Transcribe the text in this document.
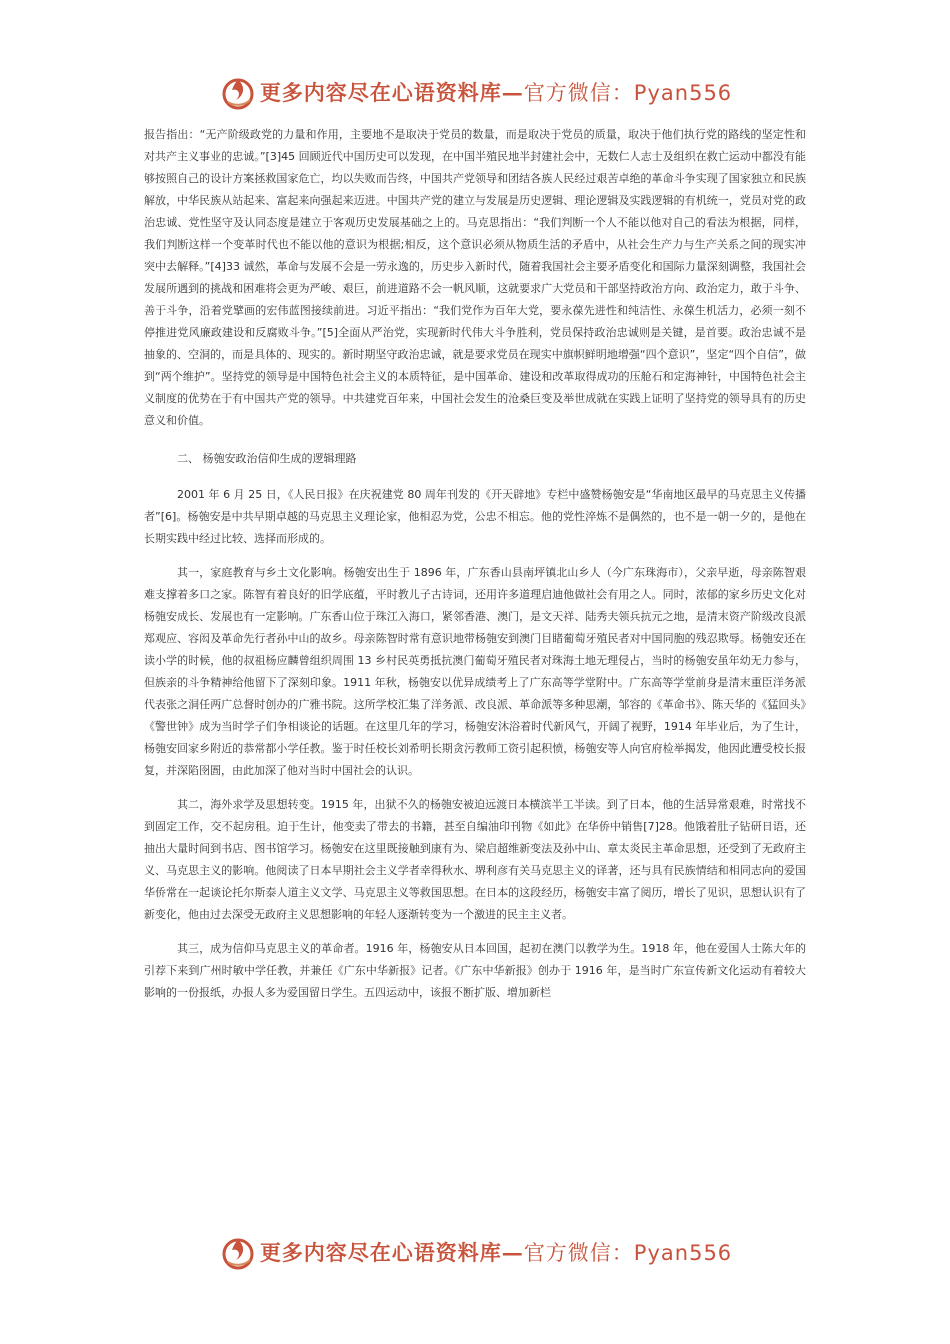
更多内容尽在心语资料库—官方微信：Pyan556

报告指出：“无产阶级政党的力量和作用，主要地不是取决于党员的数量，而是取决于党员的质量，取决于他们执行党的路线的坚定性和对共产主义事业的忠诚。”[3]45 回顾近代中国历史可以发现，在中国半殖民地半封建社会中，无数仁人志士及组织在救亡运动中都没有能够按照自己的设计方案拯救国家危亡，均以失败而告终，中国共产党领导和团结各族人民经过艰苦卓绝的革命斗争实现了国家独立和民族解放，中华民族从站起来、富起来向强起来迈进。中国共产党的建立与发展是历史逻辑、理论逻辑及实践逻辑的有机统一，党员对党的政治忠诚、党性坚守及认同态度是建立于客观历史发展基础之上的。马克思指出：“我们判断一个人不能以他对自己的看法为根据，同样，我们判断这样一个变革时代也不能以他的意识为根据;相反，这个意识必须从物质生活的矛盾中，从社会生产力与生产关系之间的现实冲突中去解释。”[4]33 诚然，革命与发展不会是一劳永逸的，历史步入新时代，随着我国社会主要矛盾变化和国际力量深刻调整，我国社会发展所遇到的挑战和困难将会更为严峻、艰巨，前进道路不会一帆风顺，这就要求广大党员和干部坚持政治方向、政治定力，敢于斗争、善于斗争，沿着党擘画的宏伟蓝图接续前进。习近平指出：“我们党作为百年大党，要永葆先进性和纯洁性、永葆生机活力，必须一刻不停推进党风廉政建设和反腐败斗争。”[5]全面从严治党，实现新时代伟大斗争胜利，党员保持政治忠诚则是关键，是首要。政治忠诚不是抽象的、空洞的，而是具体的、现实的。新时期坚守政治忠诚，就是要求党员在现实中旗帜鲜明地增强“四个意识”，坚定“四个自信”，做到“两个维护”。坚持党的领导是中国特色社会主义的本质特征，是中国革命、建设和改革取得成功的压舱石和定海神针，中国特色社会主义制度的优势在于有中国共产党的领导。中共建党百年来，中国社会发生的沧桑巨变及举世成就在实践上证明了坚持党的领导具有的历史意义和价值。

二、 杨匏安政治信仰生成的逻辑理路

2001 年 6 月 25 日，《人民日报》在庆祝建党 80 周年刊发的《开天辟地》专栏中盛赞杨匏安是“华南地区最早的马克思主义传播者”[6]。杨匏安是中共早期卓越的马克思主义理论家，他相忍为党，公忠不相忘。他的党性淬炼不是偶然的，也不是一朝一夕的，是他在长期实践中经过比较、选择而形成的。

其一，家庭教育与乡土文化影响。杨匏安出生于 1896 年，广东香山县南坪镇北山乡人（今广东珠海市），父亲早逝，母亲陈智艰难支撑着多口之家。陈智有着良好的旧学底蕴，平时教儿子古诗词，还用许多道理启迪他做社会有用之人。同时，浓郁的家乡历史文化对杨匏安成长、发展也有一定影响。广东香山位于珠江入海口，紧邻香港、澳门，是文天祥、陆秀夫领兵抗元之地，是清末资产阶级改良派郑观应、容闳及革命先行者孙中山的故乡。母亲陈智时常有意识地带杨匏安到澳门目睹葡萄牙殖民者对中国同胞的残忍欺辱。杨匏安还在读小学的时候，他的叔祖杨应麟曾组织周围 13 乡村民英勇抵抗澳门葡萄牙殖民者对珠海土地无理侵占，当时的杨匏安虽年幼无力参与，但族亲的斗争精神给他留下了深刻印象。1911 年秋，杨匏安以优异成绩考上了广东高等学堂附中。广东高等学堂前身是清末重臣洋务派代表张之洞任两广总督时创办的广雅书院。这所学校汇集了洋务派、改良派、革命派等多种思潮，邹容的《革命书》、陈天华的《猛回头》《警世钟》成为当时学子们争相谈论的话题。在这里几年的学习，杨匏安沐浴着时代新风气，开阔了视野，1914 年毕业后，为了生计，杨匏安回家乡附近的恭常都小学任教。鉴于时任校长刘希明长期贪污教师工资引起积愤，杨匏安等人向官府检举揭发，他因此遭受校长报复，并深陷囹圄，由此加深了他对当时中国社会的认识。

其二，海外求学及思想转变。1915 年，出狱不久的杨匏安被迫远渡日本横滨半工半读。到了日本，他的生活异常艰难，时常找不到固定工作，交不起房租。迫于生计，他变卖了带去的书籍，甚至自编油印刊物《如此》在华侨中销售[7]28。他饿着肚子钻研日语，还抽出大量时间到书店、图书馆学习。杨匏安在这里既接触到康有为、梁启超维新变法及孙中山、章太炎民主革命思想，还受到了无政府主义、马克思主义的影响。他阅读了日本早期社会主义学者幸得秋水、堺利彦有关马克思主义的译著，还与具有民族情结和相同志向的爱国华侨常在一起谈论托尔斯泰人道主义文学、马克思主义等救国思想。在日本的这段经历，杨匏安丰富了阅历，增长了见识，思想认识有了新变化，他由过去深受无政府主义思想影响的年轻人逐渐转变为一个激进的民主主义者。

其三，成为信仰马克思主义的革命者。1916 年，杨匏安从日本回国，起初在澳门以教学为生。1918 年，他在爱国人士陈大年的引荐下来到广州时敏中学任教，并兼任《广东中华新报》记者。《广东中华新报》创办于 1916 年，是当时广东宣传新文化运动有着较大影响的一份报纸，办报人多为爱国留日学生。五四运动中，该报不断扩版、增加新栏

更多内容尽在心语资料库—官方微信：Pyan556
